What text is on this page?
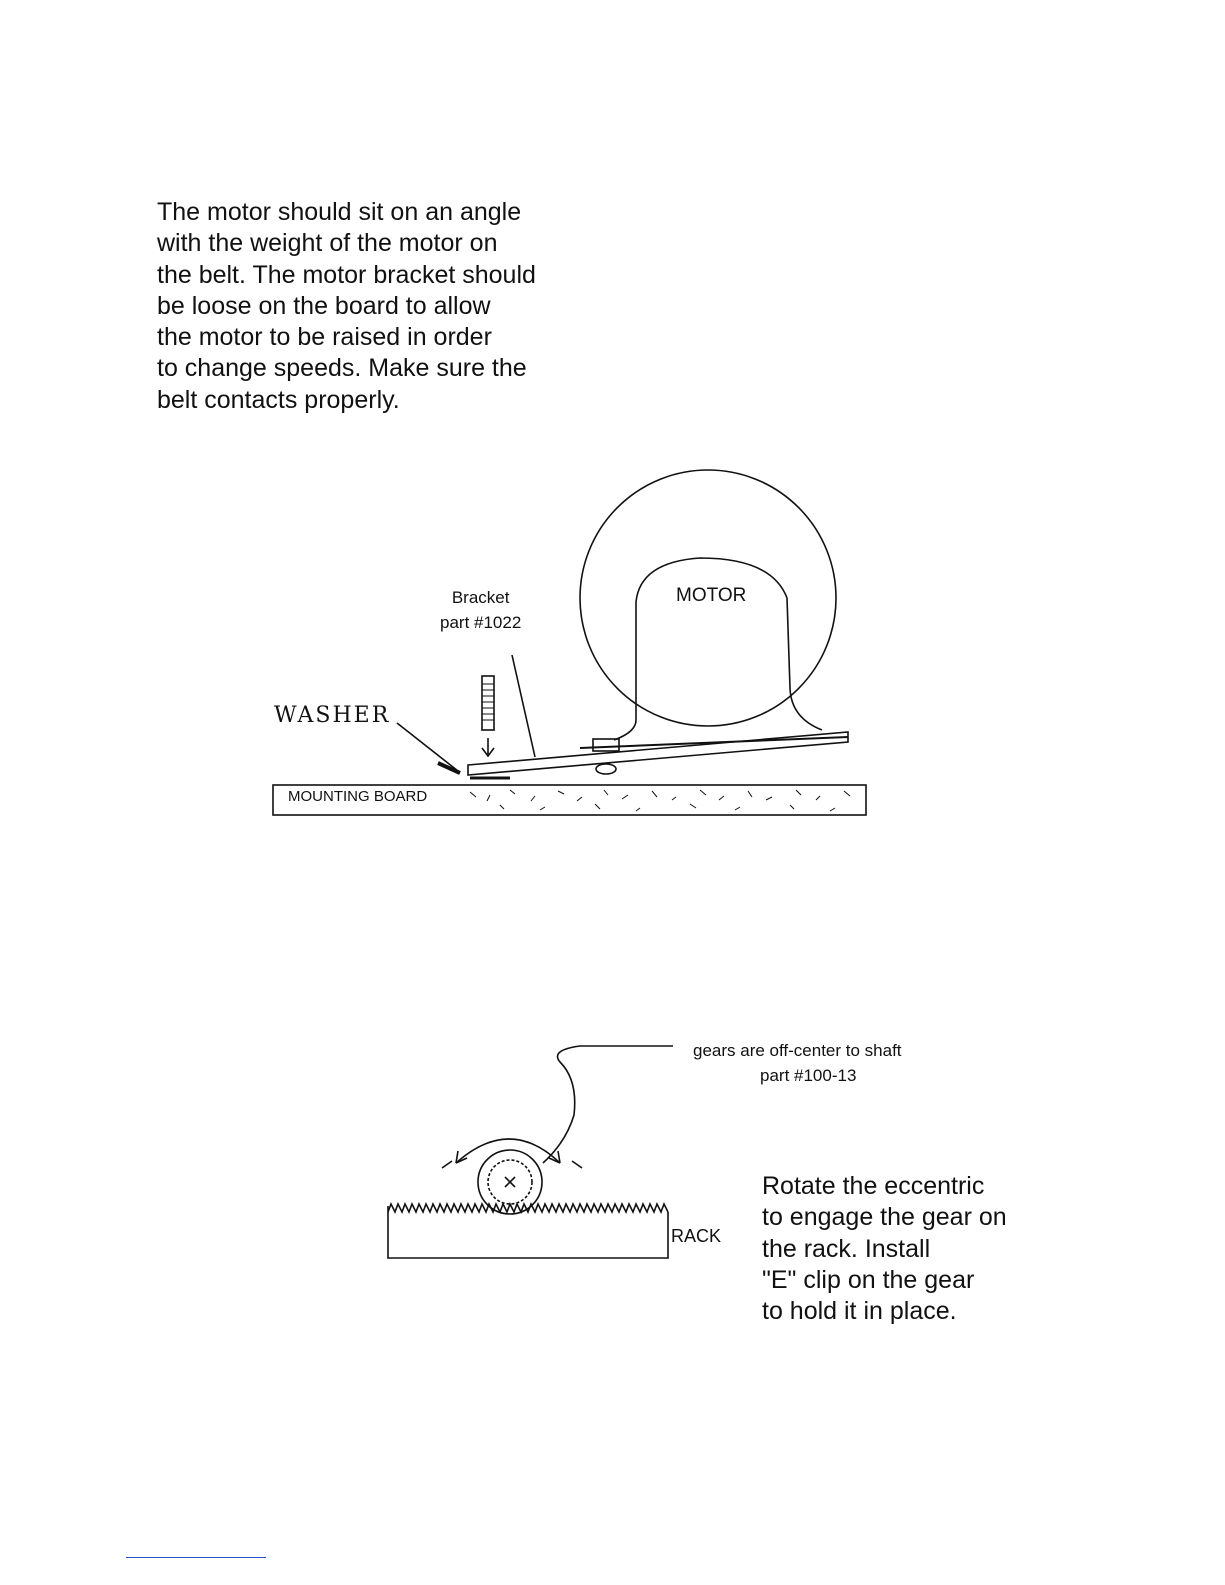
The motor should sit on an angle
with the weight of the motor on
the belt. The motor bracket should
be loose on the board to allow
the motor to be raised in order
to change speeds. Make sure the
belt contacts properly.
Bracket
part #1022
MOTOR
WASHER
MOUNTING BOARD
gears are off-center to shaft
part #100-13
RACK
Rotate the eccentric
to engage the gear on
the rack. Install
"E" clip on the gear
to hold it in place.
